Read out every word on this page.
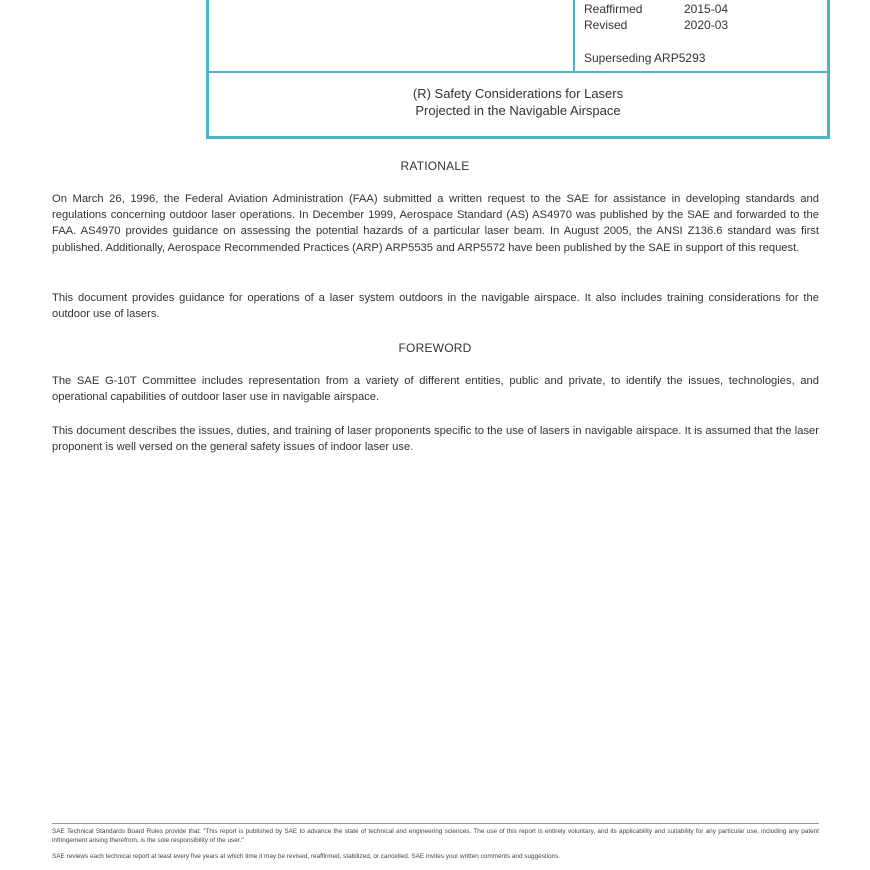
Reaffirmed	2015-04
Revised	2020-03
Superseding ARP5293
(R) Safety Considerations for Lasers
Projected in the Navigable Airspace
RATIONALE

On March 26, 1996, the Federal Aviation Administration (FAA) submitted a written request to the SAE for assistance in developing standards and regulations concerning outdoor laser operations. In December 1999, Aerospace Standard (AS) AS4970 was published by the SAE and forwarded to the FAA. AS4970 provides guidance on assessing the potential hazards of a particular laser beam. In August 2005, the ANSI Z136.6 standard was first published. Additionally, Aerospace Recommended Practices (ARP) ARP5535 and ARP5572 have been published by the SAE in support of this request.

This document provides guidance for operations of a laser system outdoors in the navigable airspace. It also includes training considerations for the outdoor use of lasers.

FOREWORD

The SAE G-10T Committee includes representation from a variety of different entities, public and private, to identify the issues, technologies, and operational capabilities of outdoor laser use in navigable airspace.

This document describes the issues, duties, and training of laser proponents specific to the use of lasers in navigable airspace. It is assumed that the laser proponent is well versed on the general safety issues of indoor laser use.

SAE Technical Standards Board Rules provide that: "This report is published by SAE to advance the state of technical and engineering sciences. The use of this report is entirely voluntary, and its applicability and suitability for any particular use, including any patent infringement arising therefrom, is the sole responsibility of the user."

SAE reviews each technical report at least every five years at which time it may be revised, reaffirmed, stabilized, or cancelled. SAE invites your written comments and suggestions.
